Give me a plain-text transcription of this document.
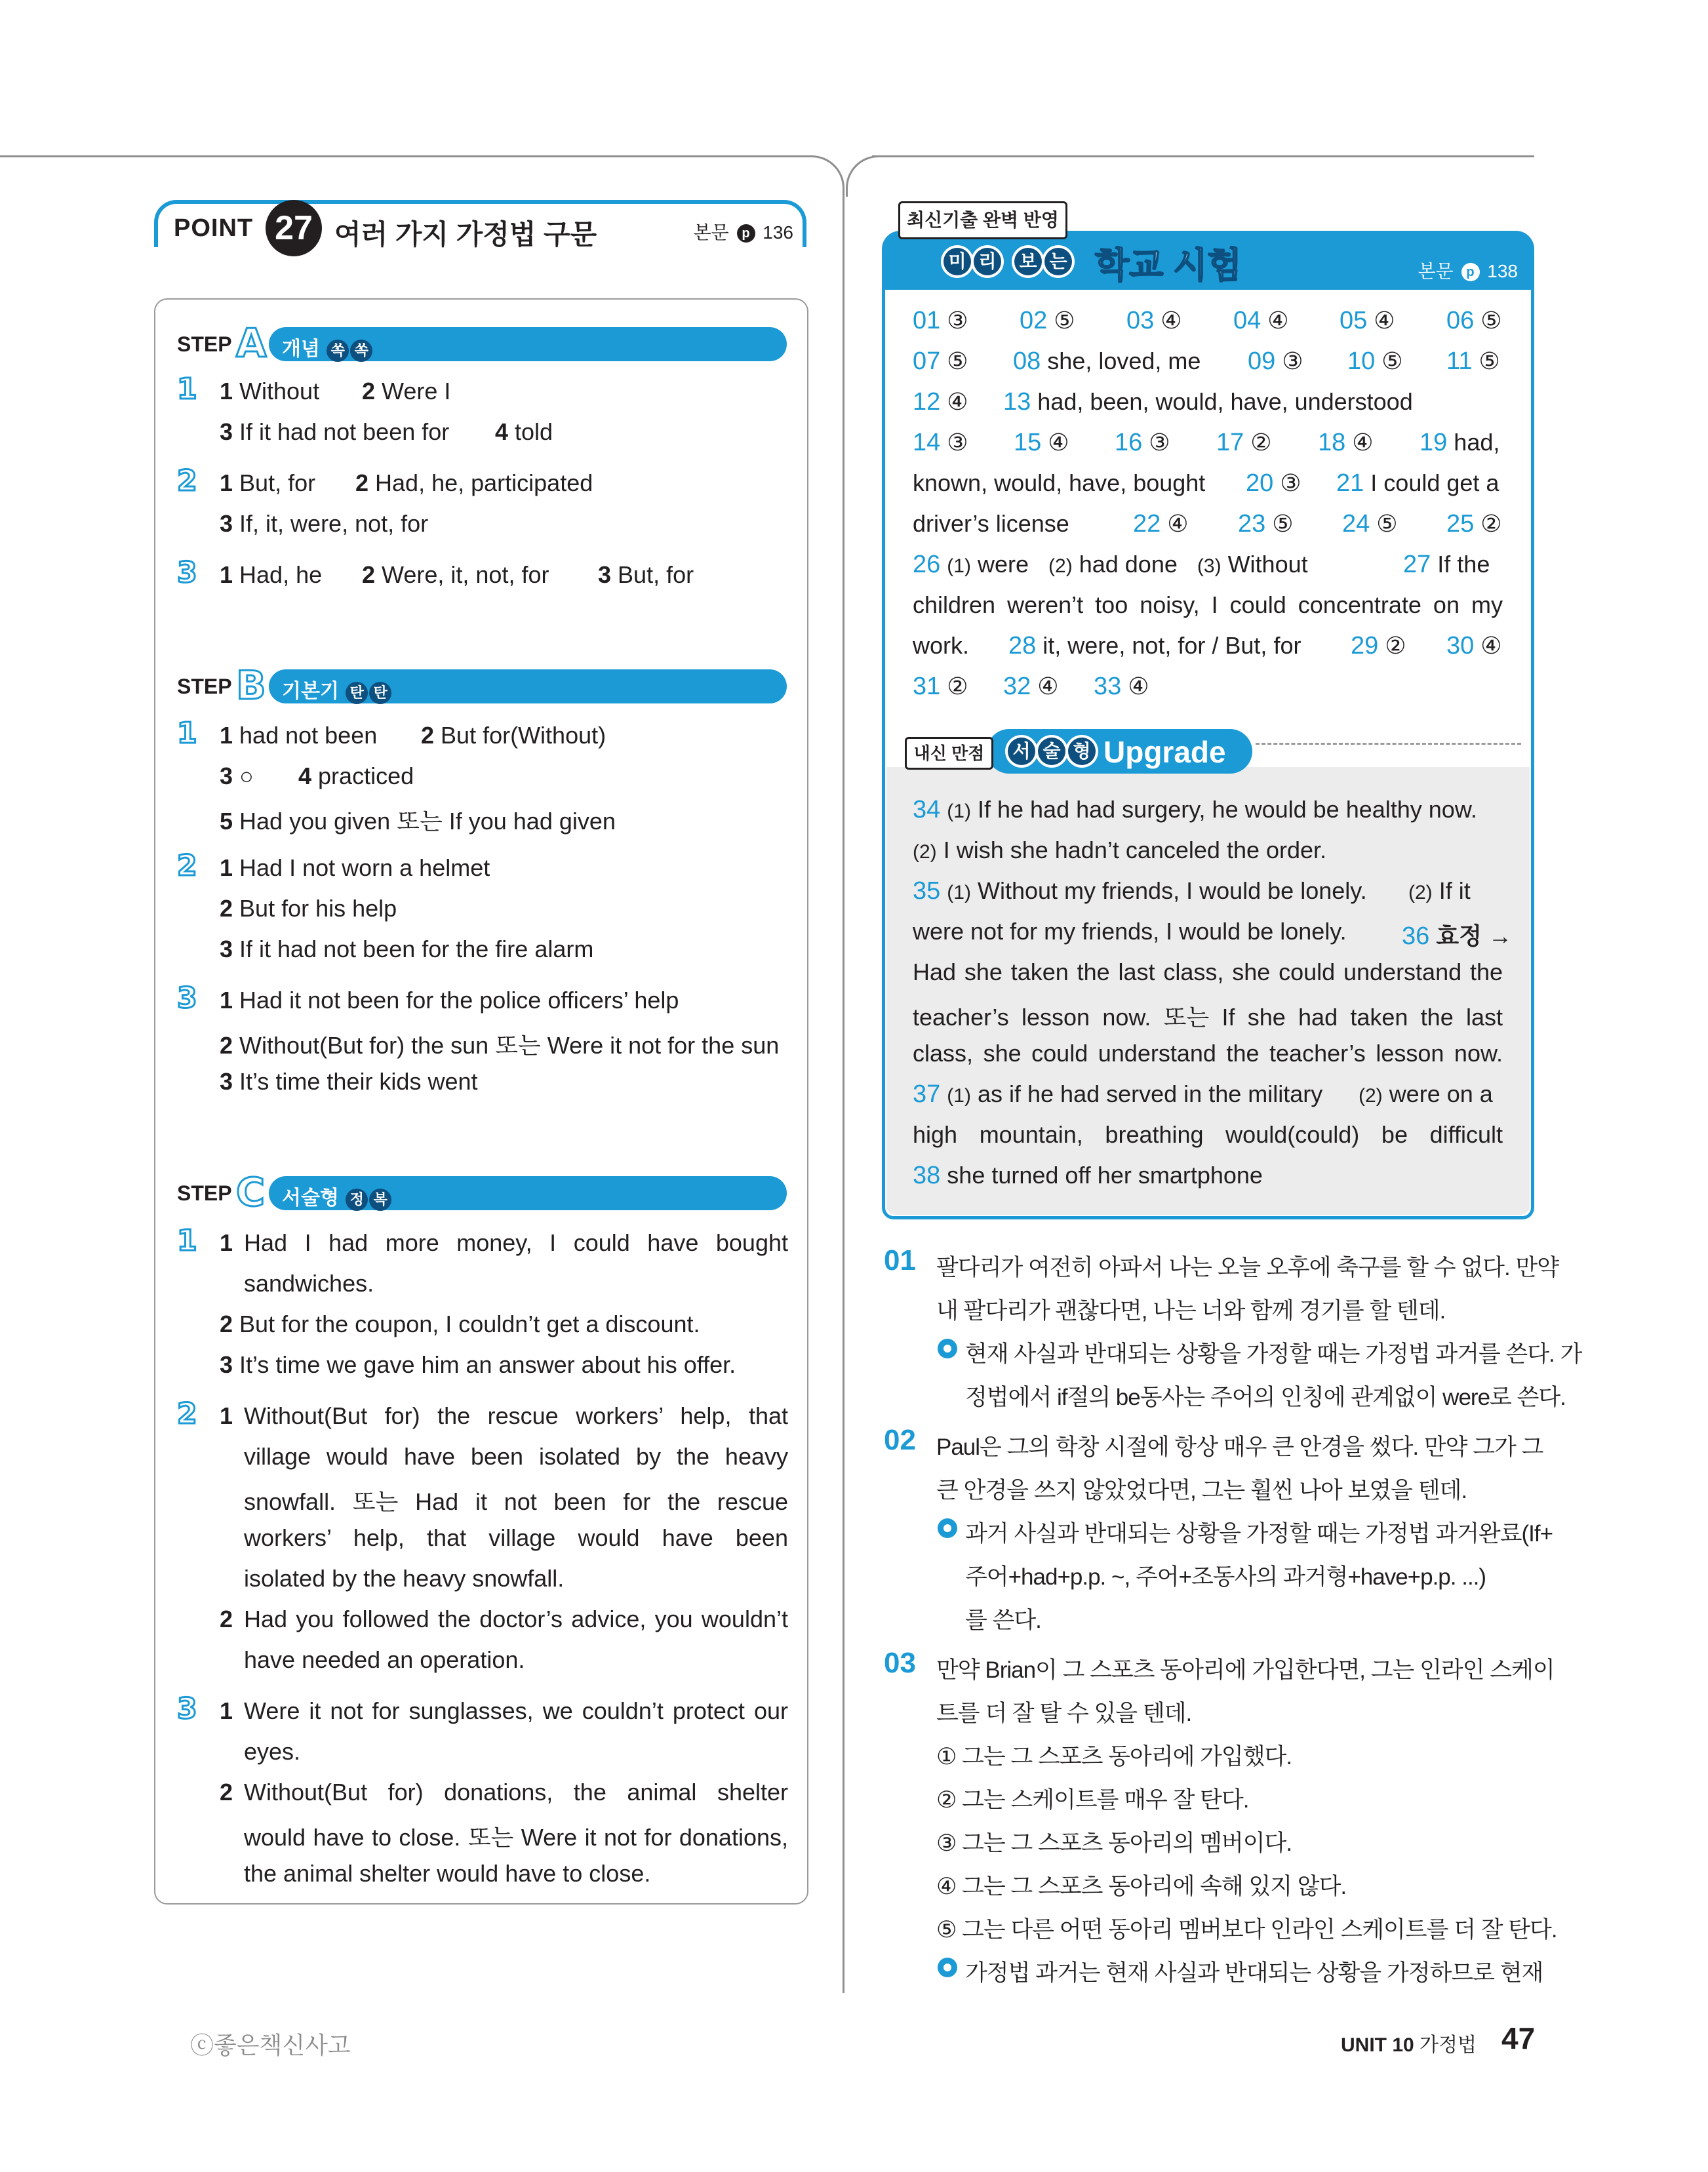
POINT 27 여러 가지 가정법 구문	본문 p 136
STEP A 개념 쏙 쏙
1 1 Without 2 Were I
3 If it had not been for 4 told
2 1 But, for 2 Had, he, participated
3 If, it, were, not, for
3 1 Had, he 2 Were, it, not, for 3 But, for
STEP B 기본기 탄 탄
1 1 had not been 2 But for(Without)
3 ○ 4 practiced
5 Had you given 또는 If you had given
2 1 Had I not worn a helmet
2 But for his help
3 If it had not been for the fire alarm
3 1 Had it not been for the police officers’ help
2 Without(But for) the sun 또는 Were it not for the sun
3 It’s time their kids went
STEP C 서술형 정 복
1 1 Had I had more money, I could have bought
sandwiches.
2 But for the coupon, I couldn’t get a discount.
3 It’s time we gave him an answer about his offer.
2 1 Without(But for) the rescue workers’ help, that
village would have been isolated by the heavy
snowfall. 또는 Had it not been for the rescue
workers’ help, that village would have been
isolated by the heavy snowfall.
2 Had you followed the doctor’s advice, you wouldn’t
have needed an operation.
3 1 Were it not for sunglasses, we couldn’t protect our
eyes.
2 Without(But for) donations, the animal shelter
would have to close. 또는 Were it not for donations,
the animal shelter would have to close.
최신기출 완벽 반영
미 리 보 는 학교 시험	본문 p 138
01 ③ 02 ⑤ 03 ④ 04 ④ 05 ④ 06 ⑤
07 ⑤ 08 she, loved, me 09 ③ 10 ⑤ 11 ⑤
12 ④ 13 had, been, would, have, understood
14 ③ 15 ④ 16 ③ 17 ② 18 ④ 19 had,
known, would, have, bought 20 ③ 21 I could get a
driver’s license	22 ④ 23 ⑤ 24 ⑤ 25 ②
26 (1) were (2) had done (3) Without	27 If the
children weren’t too noisy, I could concentrate on my
work. 28 it, were, not, for / But, for 29 ② 30 ④
31 ② 32 ④ 33 ④
내신 만점	서 술 형 Upgrade
34 (1) If he had had surgery, he would be healthy now.
(2) I wish she hadn’t canceled the order.
35 (1) Without my friends, I would be lonely. (2) If it
were not for my friends, I would be lonely. 36 효정 →
Had she taken the last class, she could understand the
teacher’s lesson now. 또는 If she had taken the last
class, she could understand the teacher’s lesson now.
37 (1) as if he had served in the military (2) were on a
high mountain, breathing would(could) be difficult
38 she turned off her smartphone
01 팔다리가 여전히 아파서 나는 오늘 오후에 축구를 할 수 없다. 만약
내 팔다리가 괜찮다면, 나는 너와 함께 경기를 할 텐데.
현재 사실과 반대되는 상황을 가정할 때는 가정법 과거를 쓴다. 가
정법에서 if절의 be동사는 주어의 인칭에 관계없이 were로 쓴다.
02 Paul은 그의 학창 시절에 항상 매우 큰 안경을 썼다. 만약 그가 그
큰 안경을 쓰지 않았었다면, 그는 훨씬 나아 보였을 텐데.
과거 사실과 반대되는 상황을 가정할 때는 가정법 과거완료(If+
주어+had+p.p. ~, 주어+조동사의 과거형+have+p.p. ...)
를 쓴다.
03 만약 Brian이 그 스포츠 동아리에 가입한다면, 그는 인라인 스케이
트를 더 잘 탈 수 있을 텐데.
① 그는 그 스포츠 동아리에 가입했다.
② 그는 스케이트를 매우 잘 탄다.
③ 그는 그 스포츠 동아리의 멤버이다.
④ 그는 그 스포츠 동아리에 속해 있지 않다.
⑤ 그는 다른 어떤 동아리 멤버보다 인라인 스케이트를 더 잘 탄다.
가정법 과거는 현재 사실과 반대되는 상황을 가정하므로 현재
ⓒ좋은책신사고	UNIT 10 가정법 47
